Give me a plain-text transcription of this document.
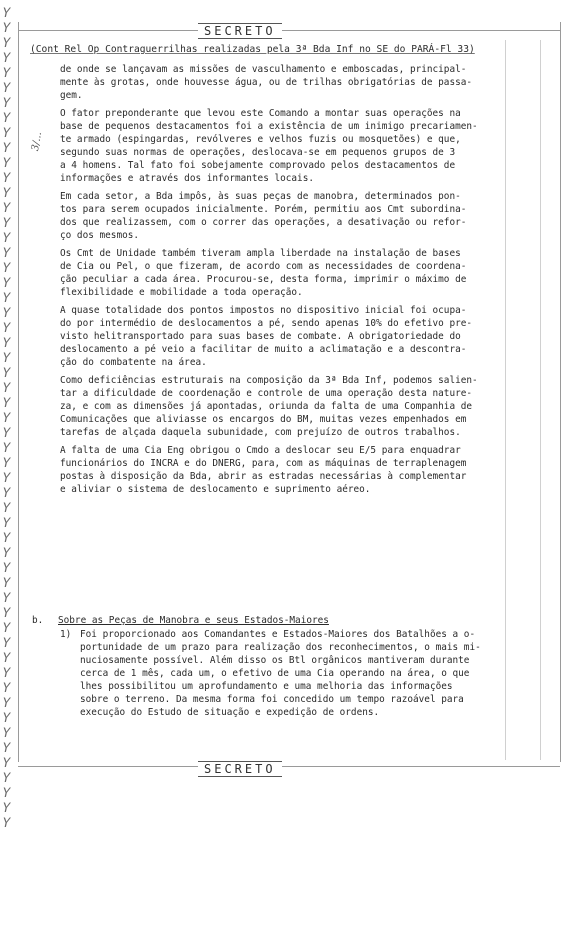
Y
Y
Y
Y
Y
Y
Y
Y
Y
Y
Y
Y
Y
Y
Y
Y
Y
Y
Y
Y
Y
Y
Y
Y
Y
Y
Y
Y
Y
Y
Y
Y
Y
Y
Y
Y
Y
Y
Y
Y
Y
Y
Y
Y
Y
Y
Y
Y
Y
Y
Y
Y
Y
Y
Y
SECRETO
(Cont Rel Op Contraguerrilhas realizadas pela 3ª Bda Inf no SE do PARÁ-Fl 33)
3/...
de onde se lançavam as missões de vasculhamento e emboscadas, principal-
mente às grotas, onde houvesse água, ou de trilhas obrigatórias de passa-
gem.
O fator preponderante que levou este Comando a montar suas operações na
base de pequenos destacamentos foi a existência de um inimigo precariamen-
te armado (espingardas, revólveres e velhos fuzis ou mosquetões) e que,
segundo suas normas de operações, deslocava-se em pequenos grupos de 3
a 4 homens. Tal fato foi sobejamente comprovado pelos destacamentos de
informações e através dos informantes locais.
Em cada setor, a Bda impôs, às suas peças de manobra, determinados pon-
tos para serem ocupados inicialmente. Porém, permitiu aos Cmt subordina-
dos que realizassem, com o correr das operações, a desativação ou refor-
ço dos mesmos.
Os Cmt de Unidade também tiveram ampla liberdade na instalação de bases
de Cia ou Pel, o que fizeram, de acordo com as necessidades de coordena-
ção peculiar a cada área. Procurou-se, desta forma, imprimir o máximo de
flexibilidade e mobilidade a toda operação.
A quase totalidade dos pontos impostos no dispositivo inicial foi ocupa-
do por intermédio de deslocamentos a pé, sendo apenas 10% do efetivo pre-
visto helitransportado para suas bases de combate. A obrigatoriedade do
deslocamento a pé veio a facilitar de muito a aclimatação e a descontra-
ção do combatente na área.
Como deficiências estruturais na composição da 3ª Bda Inf, podemos salien-
tar a dificuldade de coordenação e controle de uma operação desta nature-
za, e com as dimensões já apontadas, oriunda da falta de uma Companhia de
Comunicações que aliviasse os encargos do BM, muitas vezes empenhados em
tarefas de alçada daquela subunidade, com prejuízo de outros trabalhos.
A falta de uma Cia Eng obrigou o Cmdo a deslocar seu E/5 para enquadrar
funcionários do INCRA e do DNERG, para, com as máquinas de terraplenagem
postas à disposição da Bda, abrir as estradas necessárias à complementar
e aliviar o sistema de deslocamento e suprimento aéreo.
b. Sobre as Peças de Manobra e seus Estados-Maiores
1) Foi proporcionado aos Comandantes e Estados-Maiores dos Batalhões a o-
portunidade de um prazo para realização dos reconhecimentos, o mais mi-
nuciosamente possível. Além disso os Btl orgânicos mantiveram durante
cerca de 1 mês, cada um, o efetivo de uma Cia operando na área, o que
lhes possibilitou um aprofundamento e uma melhoria das informações
sobre o terreno. Da mesma forma foi concedido um tempo razoável para
execução do Estudo de situação e expedição de ordens.
SECRETO
